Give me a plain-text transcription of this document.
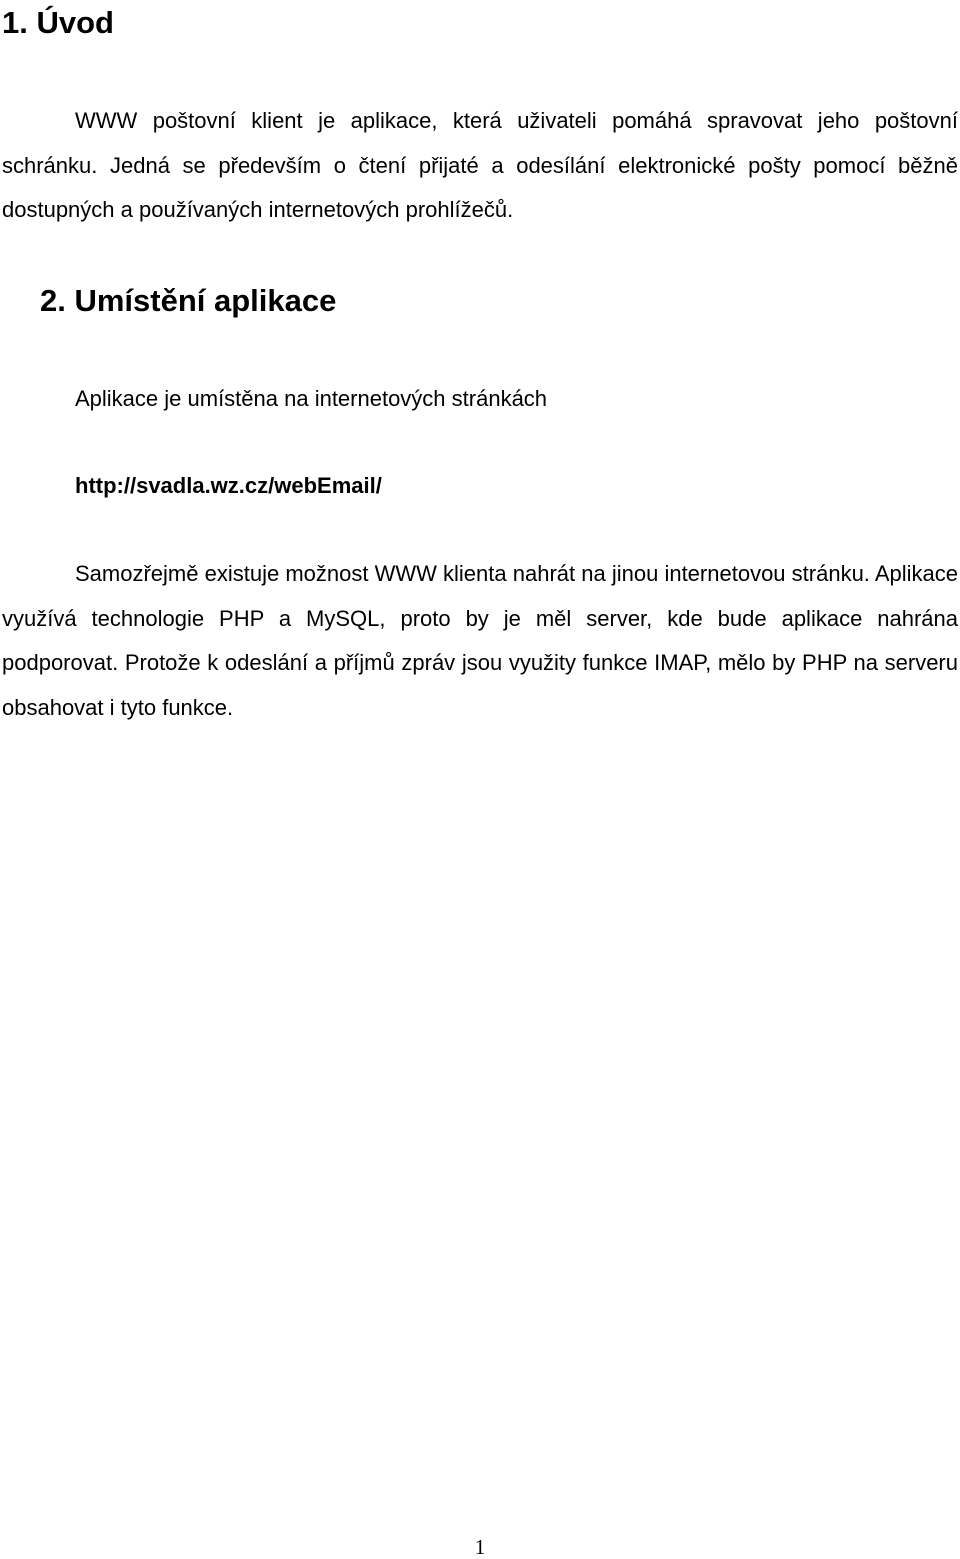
1. Úvod

WWW poštovní klient je aplikace, která uživateli pomáhá spravovat jeho poštovní schránku. Jedná se především o čtení přijaté a odesílání elektronické pošty pomocí běžně dostupných a používaných internetových prohlížečů.

2. Umístění aplikace

Aplikace je umístěna na internetových stránkách

http://svadla.wz.cz/webEmail/

Samozřejmě existuje možnost WWW klienta nahrát na jinou internetovou stránku. Aplikace využívá technologie PHP a MySQL, proto by je měl server, kde bude aplikace nahrána podporovat. Protože k odeslání a příjmů zpráv jsou využity funkce IMAP, mělo by PHP na serveru obsahovat i tyto funkce.

1
